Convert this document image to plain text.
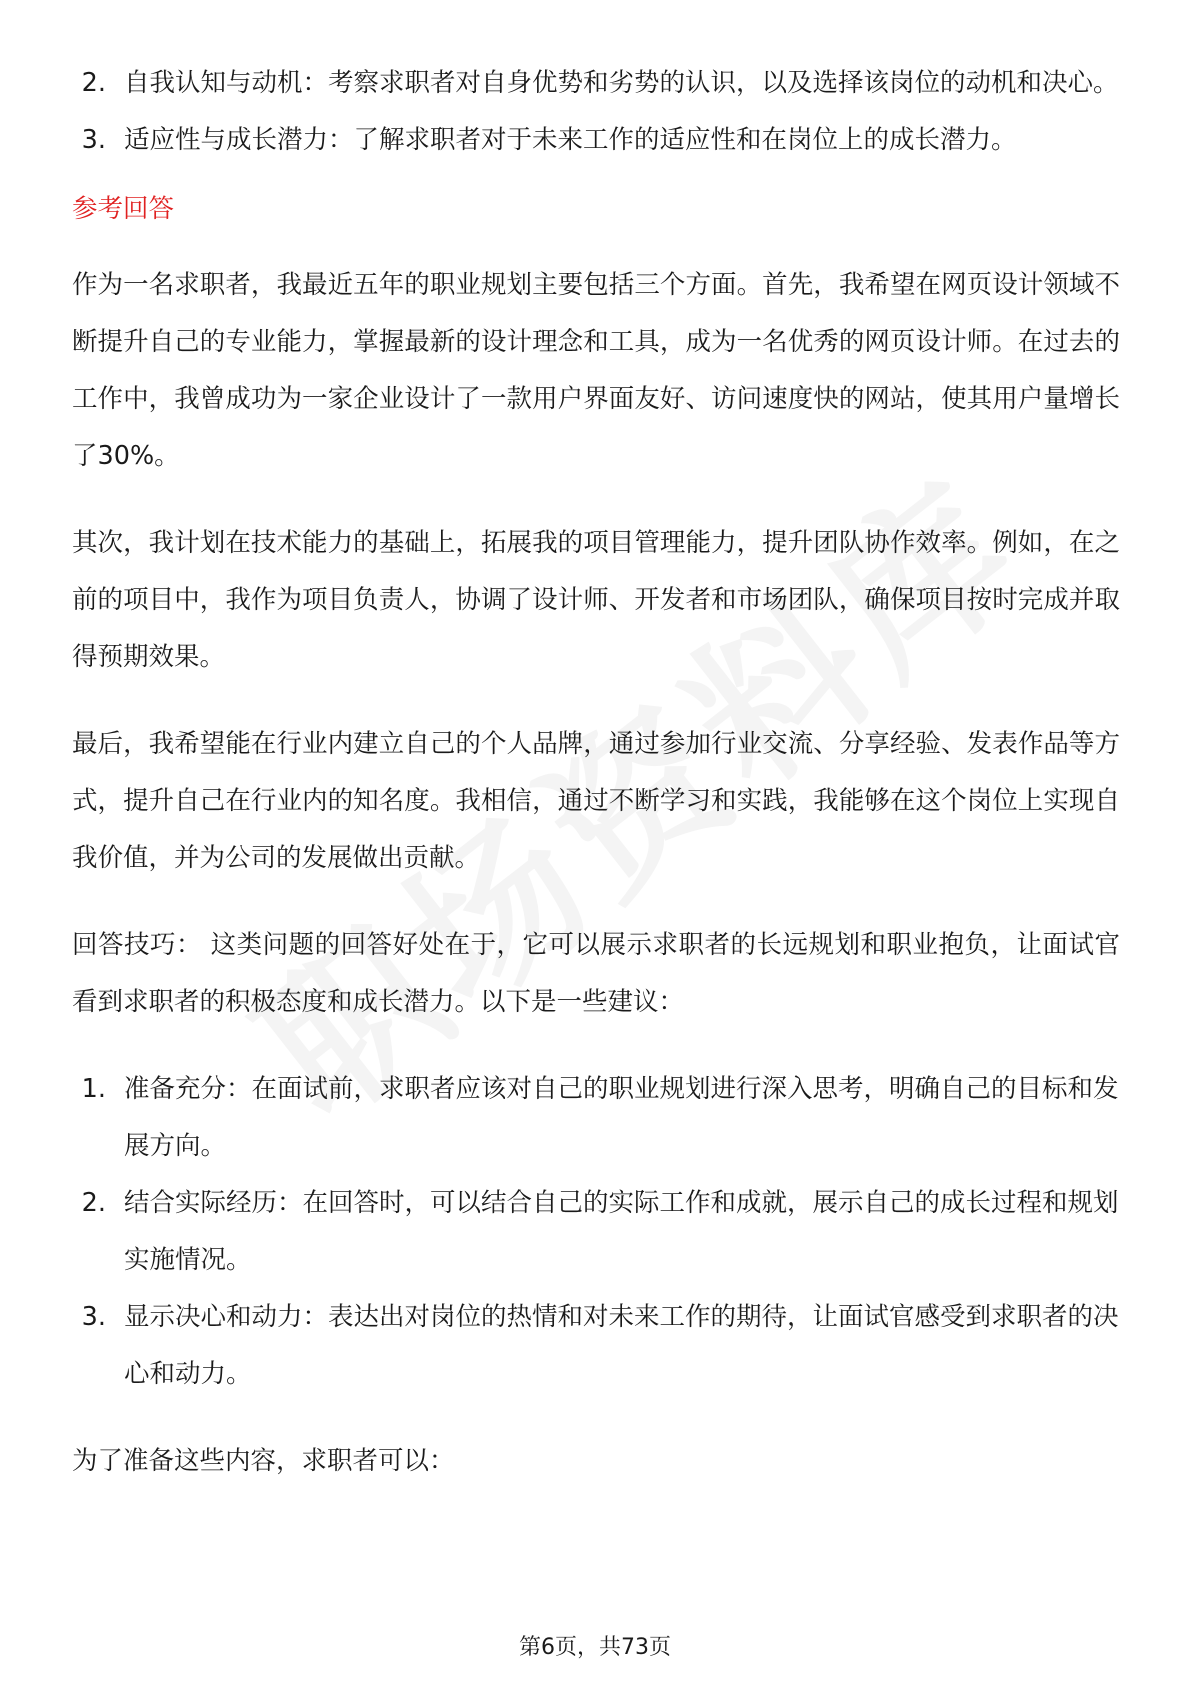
2. 自我认知与动机：考察求职者对自身优势和劣势的认识，以及选择该岗位的动机和决心。
3. 适应性与成长潜力：了解求职者对于未来工作的适应性和在岗位上的成长潜力。
参考回答

作为一名求职者，我最近五年的职业规划主要包括三个方面。首先，我希望在网页设计领域不断提升自己的专业能力，掌握最新的设计理念和工具，成为一名优秀的网页设计师。在过去的工作中，我曾成功为一家企业设计了一款用户界面友好、访问速度快的网站，使其用户量增长了30%。

其次，我计划在技术能力的基础上，拓展我的项目管理能力，提升团队协作效率。例如，在之前的项目中，我作为项目负责人，协调了设计师、开发者和市场团队，确保项目按时完成并取得预期效果。

最后，我希望能在行业内建立自己的个人品牌，通过参加行业交流、分享经验、发表作品等方式，提升自己在行业内的知名度。我相信，通过不断学习和实践，我能够在这个岗位上实现自我价值，并为公司的发展做出贡献。

回答技巧： 这类问题的回答好处在于，它可以展示求职者的长远规划和职业抱负，让面试官看到求职者的积极态度和成长潜力。以下是一些建议：

1. 准备充分：在面试前，求职者应该对自己的职业规划进行深入思考，明确自己的目标和发展方向。
2. 结合实际经历：在回答时，可以结合自己的实际工作和成就，展示自己的成长过程和规划实施情况。
3. 显示决心和动力：表达出对岗位的热情和对未来工作的期待，让面试官感受到求职者的决心和动力。

为了准备这些内容，求职者可以：

第6页，共73页
